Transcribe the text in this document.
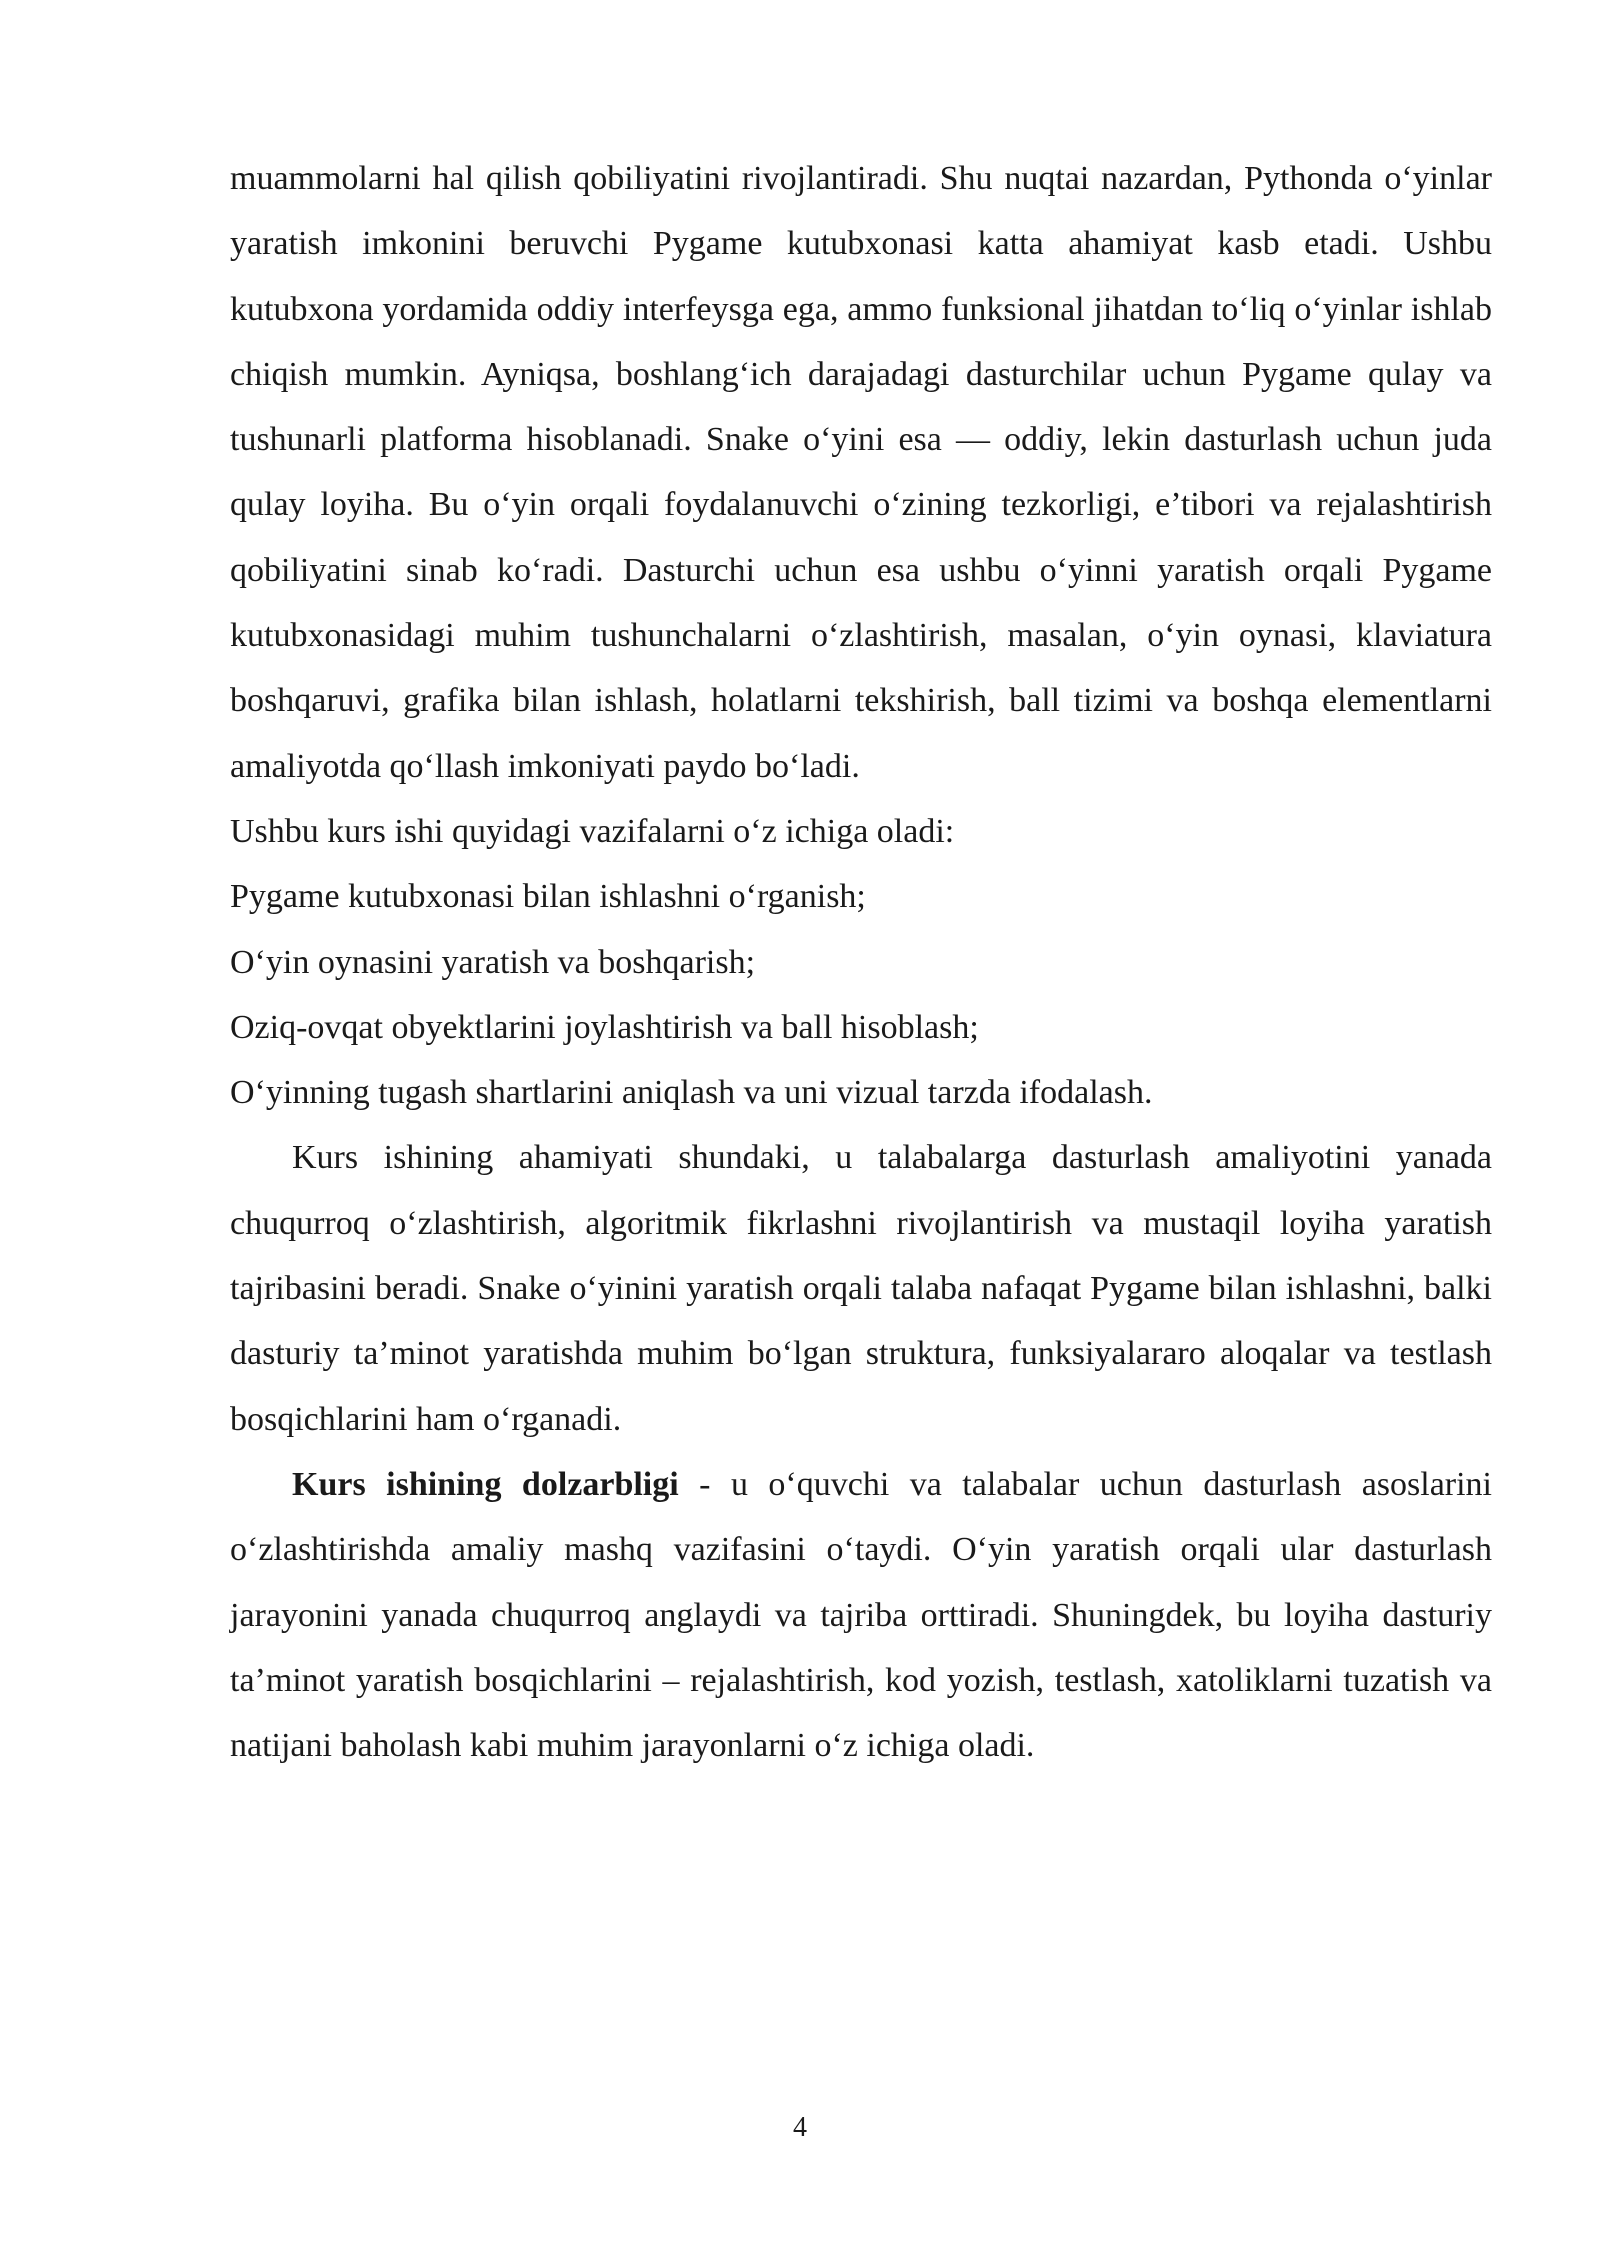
muammolarni hal qilish qobiliyatini rivojlantiradi. Shu nuqtai nazardan, Pythonda o‘yinlar yaratish imkonini beruvchi Pygame kutubxonasi katta ahamiyat kasb etadi. Ushbu kutubxona yordamida oddiy interfeysga ega, ammo funksional jihatdan to‘liq o‘yinlar ishlab chiqish mumkin. Ayniqsa, boshlang‘ich darajadagi dasturchilar uchun Pygame qulay va tushunarli platforma hisoblanadi. Snake o‘yini esa — oddiy, lekin dasturlash uchun juda qulay loyiha. Bu o‘yin orqali foydalanuvchi o‘zining tezkorligi, e’tibori va rejalashtirish qobiliyatini sinab ko‘radi. Dasturchi uchun esa ushbu o‘yinni yaratish orqali Pygame kutubxonasidagi muhim tushunchalarni o‘zlashtirish, masalan, o‘yin oynasi, klaviatura boshqaruvi, grafika bilan ishlash, holatlarni tekshirish, ball tizimi va boshqa elementlarni amaliyotda qo‘llash imkoniyati paydo bo‘ladi.

Ushbu kurs ishi quyidagi vazifalarni o‘z ichiga oladi:

Pygame kutubxonasi bilan ishlashni o‘rganish;

O‘yin oynasini yaratish va boshqarish;

Oziq-ovqat obyektlarini joylashtirish va ball hisoblash;

O‘yinning tugash shartlarini aniqlash va uni vizual tarzda ifodalash.

Kurs ishining ahamiyati shundaki, u talabalarga dasturlash amaliyotini yanada chuqurroq o‘zlashtirish, algoritmik fikrlashni rivojlantirish va mustaqil loyiha yaratish tajribasini beradi. Snake o‘yinini yaratish orqali talaba nafaqat Pygame bilan ishlashni, balki dasturiy ta’minot yaratishda muhim bo‘lgan struktura, funksiyalararo aloqalar va testlash bosqichlarini ham o‘rganadi.

Kurs ishining dolzarbligi - u o‘quvchi va talabalar uchun dasturlash asoslarini o‘zlashtirishda amaliy mashq vazifasini o‘taydi. O‘yin yaratish orqali ular dasturlash jarayonini yanada chuqurroq anglaydi va tajriba orttiradi. Shuningdek, bu loyiha dasturiy ta’minot yaratish bosqichlarini – rejalashtirish, kod yozish, testlash, xatoliklarni tuzatish va natijani baholash kabi muhim jarayonlarni o‘z ichiga oladi.

4
